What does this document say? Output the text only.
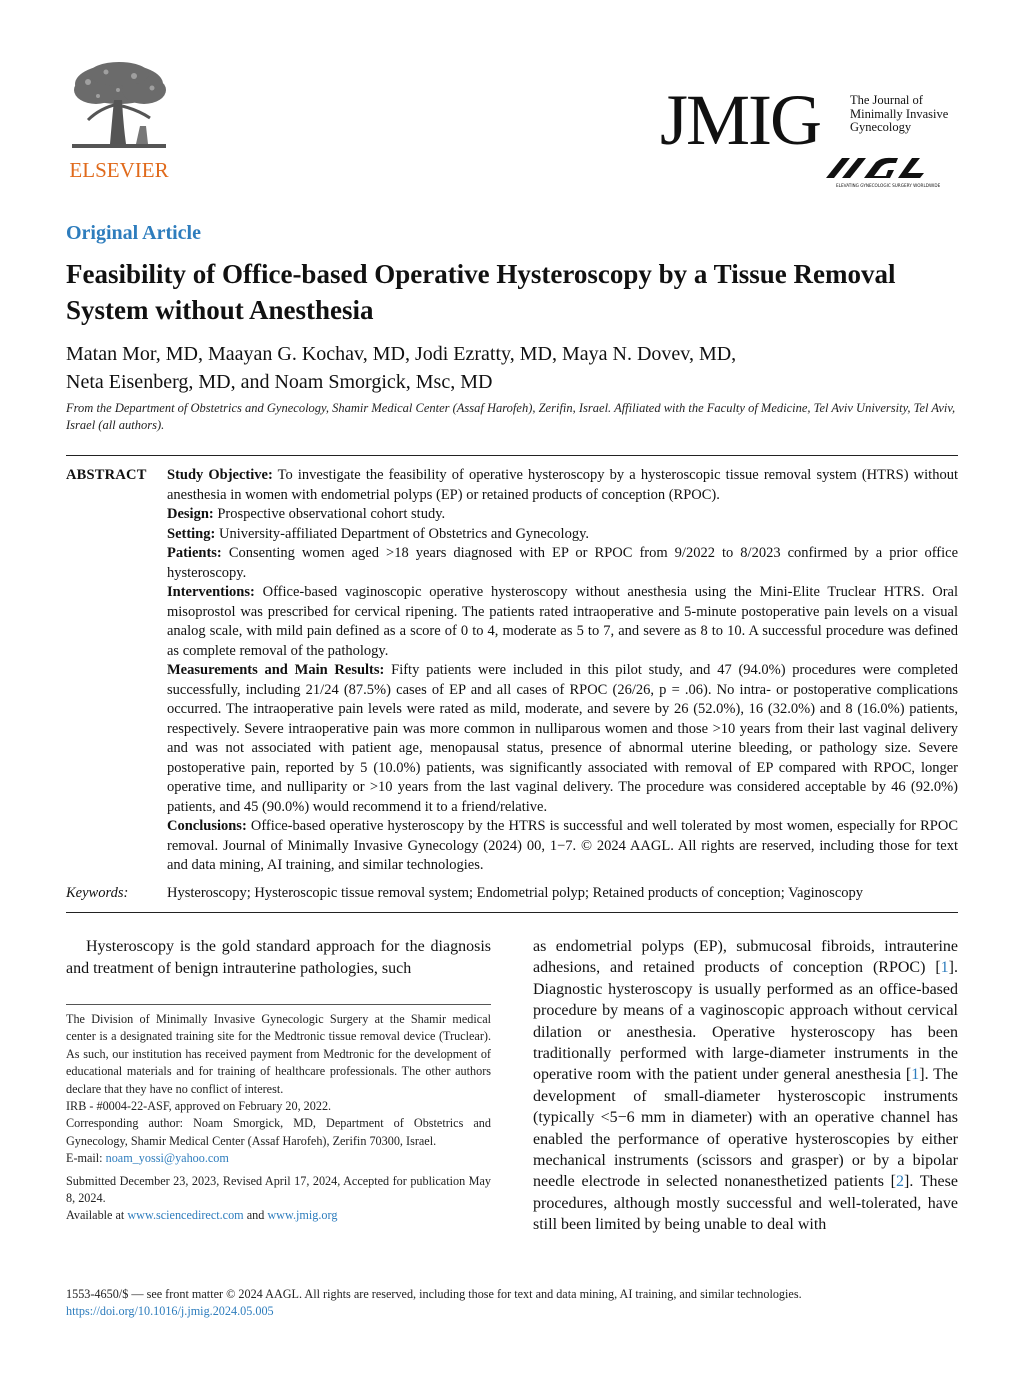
ELSEVIER
JMIG The Journal of
Minimally Invasive
Gynecology
ELEVATING GYNECOLOGIC SURGERY WORLDWIDE
Original Article
Feasibility of Office-based Operative Hysteroscopy by a Tissue Removal System without Anesthesia
Matan Mor, MD, Maayan G. Kochav, MD, Jodi Ezratty, MD, Maya N. Dovev, MD,
Neta Eisenberg, MD, and Noam Smorgick, Msc, MD
From the Department of Obstetrics and Gynecology, Shamir Medical Center (Assaf Harofeh), Zerifin, Israel. Affiliated with the Faculty of Medicine, Tel Aviv University, Tel Aviv, Israel (all authors).
ABSTRACT Study Objective: To investigate the feasibility of operative hysteroscopy by a hysteroscopic tissue removal system (HTRS) without anesthesia in women with endometrial polyps (EP) or retained products of conception (RPOC).

Design: Prospective observational cohort study.

Setting: University-affiliated Department of Obstetrics and Gynecology.

Patients: Consenting women aged >18 years diagnosed with EP or RPOC from 9/2022 to 8/2023 confirmed by a prior office hysteroscopy.

Interventions: Office-based vaginoscopic operative hysteroscopy without anesthesia using the Mini-Elite Truclear HTRS. Oral misoprostol was prescribed for cervical ripening. The patients rated intraoperative and 5-minute postoperative pain levels on a visual analog scale, with mild pain defined as a score of 0 to 4, moderate as 5 to 7, and severe as 8 to 10. A successful procedure was defined as complete removal of the pathology.

Measurements and Main Results: Fifty patients were included in this pilot study, and 47 (94.0%) procedures were completed successfully, including 21/24 (87.5%) cases of EP and all cases of RPOC (26/26, p = .06). No intra- or postoperative complications occurred. The intraoperative pain levels were rated as mild, moderate, and severe by 26 (52.0%), 16 (32.0%) and 8 (16.0%) patients, respectively. Severe intraoperative pain was more common in nulliparous women and those >10 years from their last vaginal delivery and was not associated with patient age, menopausal status, presence of abnormal uterine bleeding, or pathology size. Severe postoperative pain, reported by 5 (10.0%) patients, was significantly associated with removal of EP compared with RPOC, longer operative time, and nulliparity or >10 years from the last vaginal delivery. The procedure was considered acceptable by 46 (92.0%) patients, and 45 (90.0%) would recommend it to a friend/relative.

Conclusions: Office-based operative hysteroscopy by the HTRS is successful and well tolerated by most women, especially for RPOC removal. Journal of Minimally Invasive Gynecology (2024) 00, 1−7. © 2024 AAGL. All rights are reserved, including those for text and data mining, AI training, and similar technologies.

Keywords:	Hysteroscopy; Hysteroscopic tissue removal system; Endometrial polyp; Retained products of conception; Vaginoscopy

Hysteroscopy is the gold standard approach for the diagnosis and treatment of benign intrauterine pathologies, such

The Division of Minimally Invasive Gynecologic Surgery at the Shamir medical center is a designated training site for the Medtronic tissue removal device (Truclear). As such, our institution has received payment from Medtronic for the development of educational materials and for training of healthcare professionals. The other authors declare that they have no conflict of interest.

IRB - #0004-22-ASF, approved on February 20, 2022.

Corresponding author: Noam Smorgick, MD, Department of Obstetrics and Gynecology, Shamir Medical Center (Assaf Harofeh), Zerifin 70300, Israel.

E-mail: noam_yossi@yahoo.com

Submitted December 23, 2023, Revised April 17, 2024, Accepted for publication May 8, 2024.

Available at www.sciencedirect.com and www.jmig.org

as endometrial polyps (EP), submucosal fibroids, intrauterine adhesions, and retained products of conception (RPOC) [1]. Diagnostic hysteroscopy is usually performed as an office-based procedure by means of a vaginoscopic approach without cervical dilation or anesthesia. Operative hysteroscopy has been traditionally performed with large-diameter instruments in the operative room with the patient under general anesthesia [1]. The development of small-diameter hysteroscopic instruments (typically <5−6 mm in diameter) with an operative channel has enabled the performance of operative hysteroscopies by either mechanical instruments (scissors and grasper) or by a bipolar needle electrode in selected nonanesthetized patients [2]. These procedures, although mostly successful and well-tolerated, have still been limited by being unable to deal with

1553-4650/$ — see front matter © 2024 AAGL. All rights are reserved, including those for text and data mining, AI training, and similar technologies.

https://doi.org/10.1016/j.jmig.2024.05.005
